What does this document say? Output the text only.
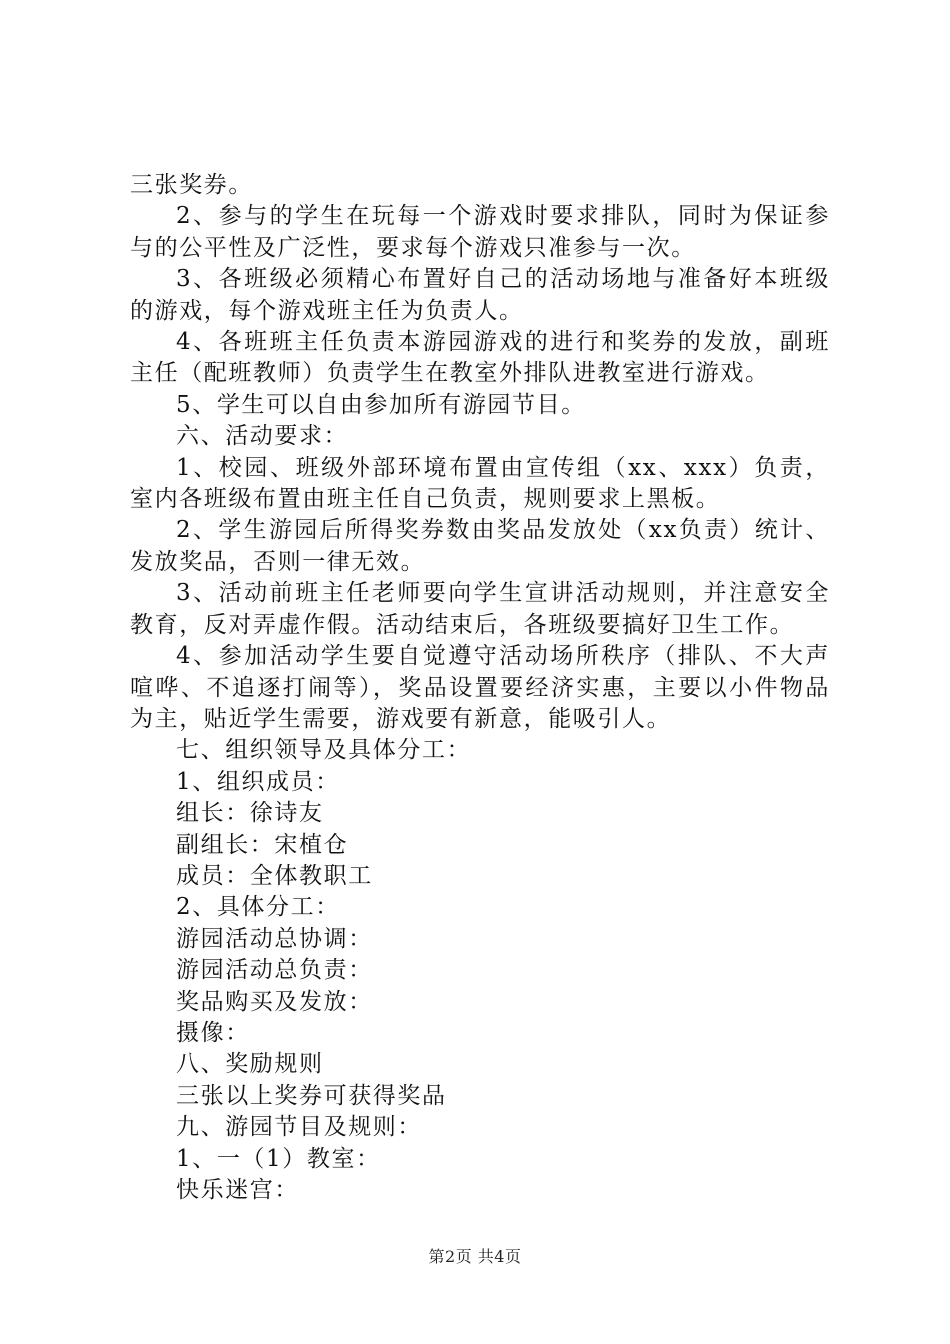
三张奖券。

2、参与的学生在玩每一个游戏时要求排队，同时为保证参与的公平性及广泛性，要求每个游戏只准参与一次。

3、各班级必须精心布置好自己的活动场地与准备好本班级的游戏，每个游戏班主任为负责人。

4、各班班主任负责本游园游戏的进行和奖券的发放，副班主任（配班教师）负责学生在教室外排队进教室进行游戏。

5、学生可以自由参加所有游园节目。

六、活动要求：

1、校园、班级外部环境布置由宣传组（xx、xxx）负责，室内各班级布置由班主任自己负责，规则要求上黑板。

2、学生游园后所得奖券数由奖品发放处（xx负责）统计、发放奖品，否则一律无效。

3、活动前班主任老师要向学生宣讲活动规则，并注意安全教育，反对弄虚作假。活动结束后，各班级要搞好卫生工作。

4、参加活动学生要自觉遵守活动场所秩序（排队、不大声喧哗、不追逐打闹等），奖品设置要经济实惠，主要以小件物品为主，贴近学生需要，游戏要有新意，能吸引人。

七、组织领导及具体分工：

1、组织成员：

组长：徐诗友

副组长：宋植仓

成员：全体教职工

2、具体分工：

游园活动总协调：

游园活动总负责：

奖品购买及发放：

摄像：

八、奖励规则

三张以上奖券可获得奖品

九、游园节目及规则：

1、一（1）教室：

快乐迷宫：

第2页 共4页
